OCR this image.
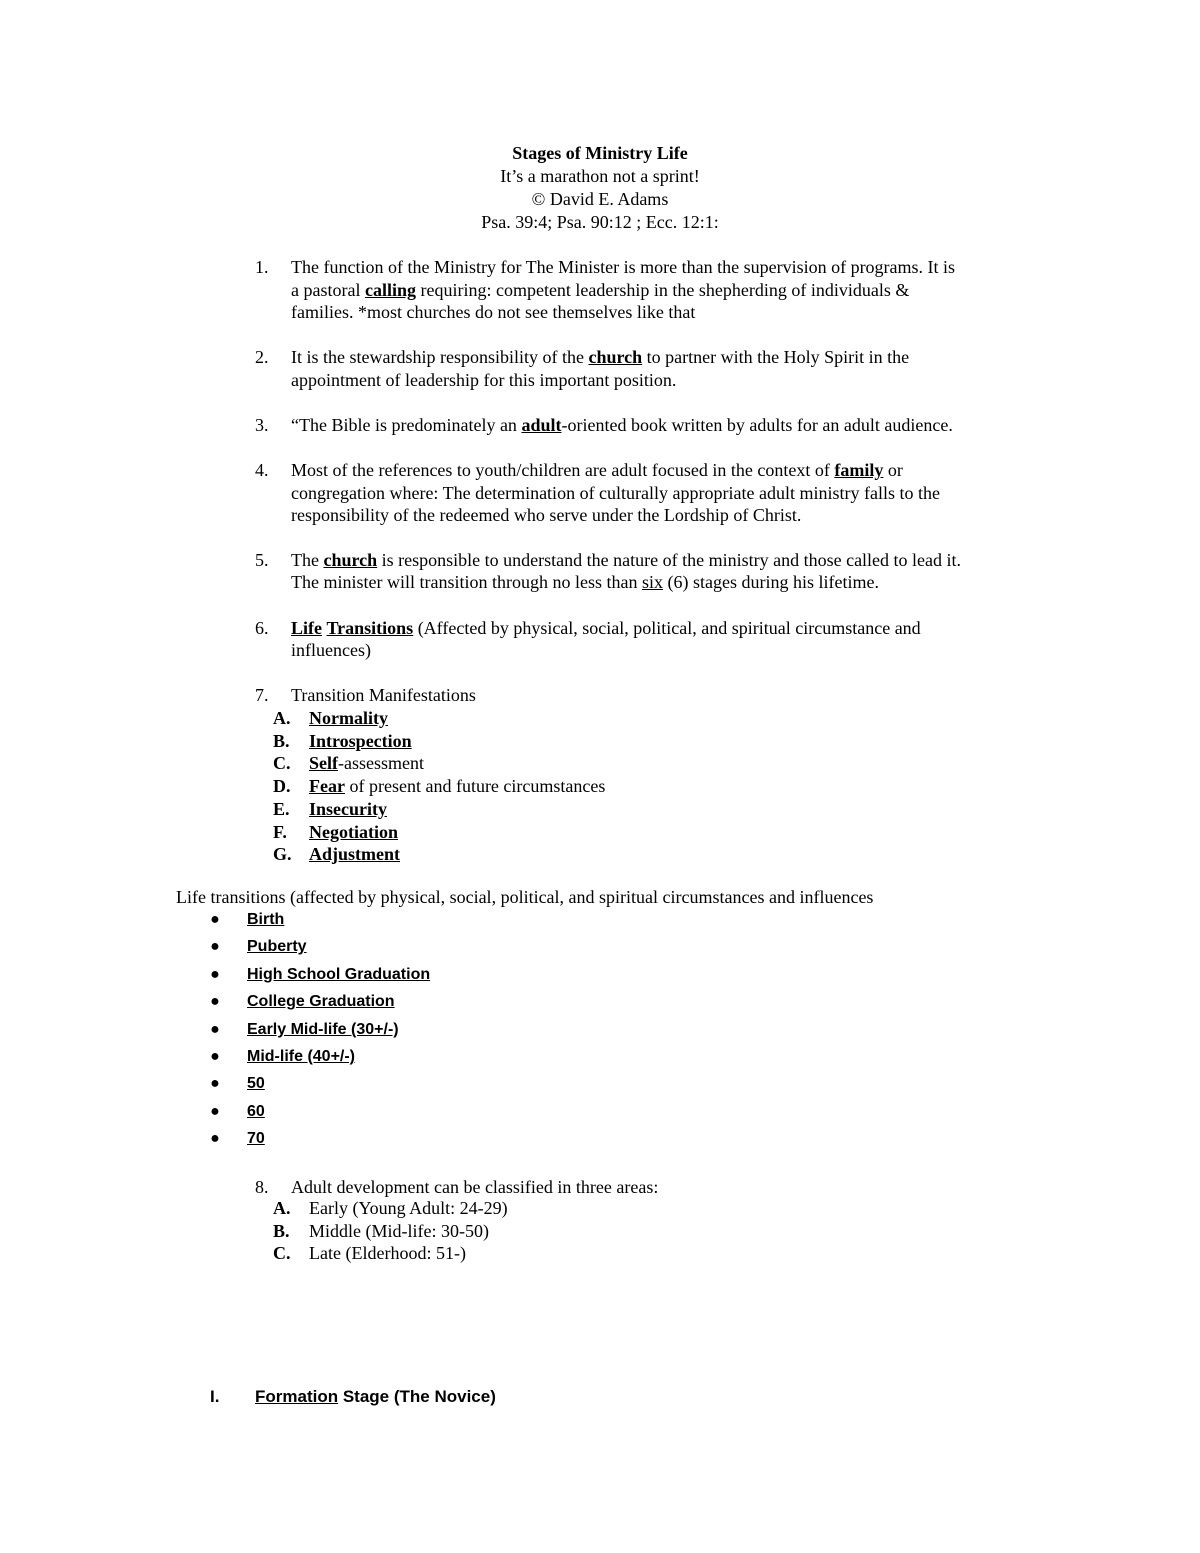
Stages of Ministry Life
It’s a marathon not a sprint!
© David E. Adams
Psa. 39:4; Psa. 90:12 ; Ecc. 12:1:
1. The function of the Ministry for The Minister is more than the supervision of programs. It is
a pastoral calling requiring: competent leadership in the shepherding of individuals &
families. *most churches do not see themselves like that
2. It is the stewardship responsibility of the church to partner with the Holy Spirit in the
appointment of leadership for this important position.
3. “The Bible is predominately an adult-oriented book written by adults for an adult audience.
4. Most of the references to youth/children are adult focused in the context of family or
congregation where: The determination of culturally appropriate adult ministry falls to the
responsibility of the redeemed who serve under the Lordship of Christ.
5. The church is responsible to understand the nature of the ministry and those called to lead it.
The minister will transition through no less than six (6) stages during his lifetime.
6. Life Transitions (Affected by physical, social, political, and spiritual circumstance and
influences)
7. Transition Manifestations
A. Normality
B. Introspection
C. Self-assessment
D. Fear of present and future circumstances
E. Insecurity
F. Negotiation
G. Adjustment
Life transitions (affected by physical, social, political, and spiritual circumstances and influences
● Birth
● Puberty
● High School Graduation
● College Graduation
● Early Mid-life (30+/-)
● Mid-life (40+/-)
● 50
● 60
● 70
8. Adult development can be classified in three areas:
A. Early (Young Adult: 24-29)
B. Middle (Mid-life: 30-50)
C. Late (Elderhood: 51-)
I. Formation Stage (The Novice)
